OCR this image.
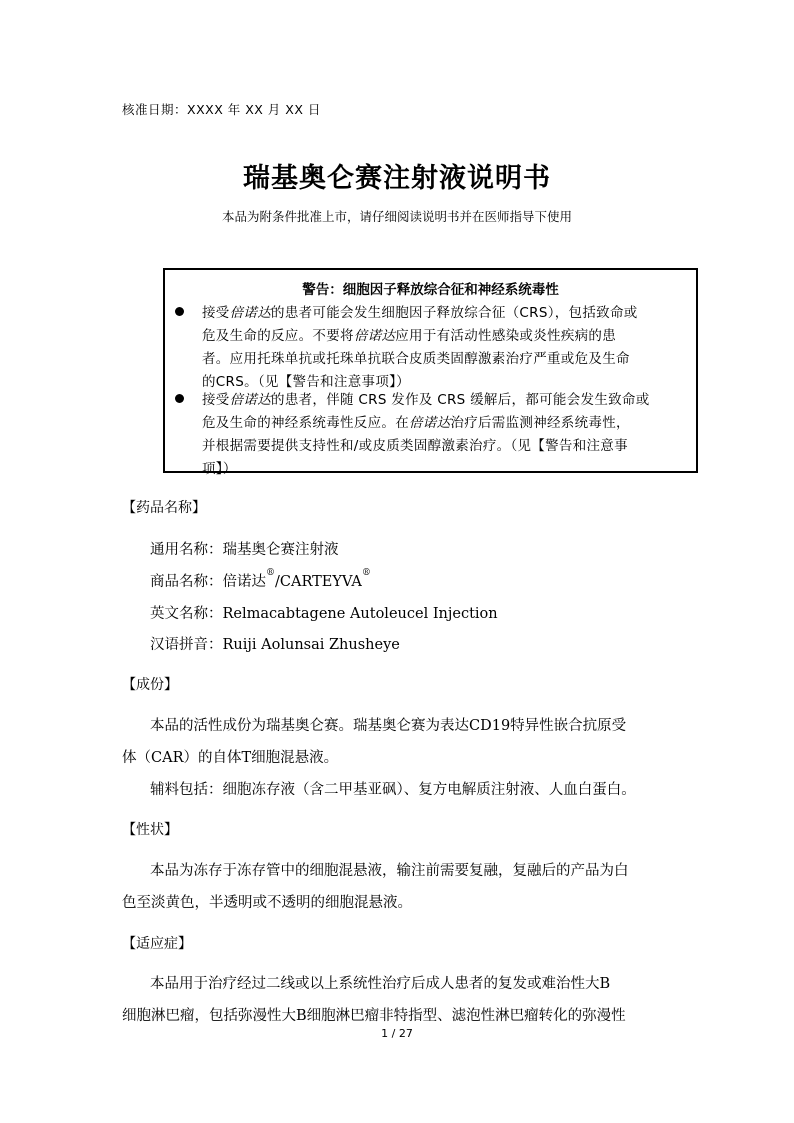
核准日期：XXXX 年 XX 月 XX 日
瑞基奥仑赛注射液说明书
本品为附条件批准上市，请仔细阅读说明书并在医师指导下使用
警告：细胞因子释放综合征和神经系统毒性
接受倍诺达的患者可能会发生细胞因子释放综合征（CRS），包括致命或
危及生命的反应。不要将倍诺达应用于有活动性感染或炎性疾病的患
者。应用托珠单抗或托珠单抗联合皮质类固醇激素治疗严重或危及生命
的CRS。（见【警告和注意事项】）
接受倍诺达的患者，伴随 CRS 发作及 CRS 缓解后，都可能会发生致命或
危及生命的神经系统毒性反应。在倍诺达治疗后需监测神经系统毒性，
并根据需要提供支持性和/或皮质类固醇激素治疗。（见【警告和注意事
项】）
【药品名称】
通用名称：瑞基奥仑赛注射液
商品名称：倍诺达®/CARTEYVA®
英文名称：Relmacabtagene Autoleucel Injection
汉语拼音：Ruiji Aolunsai Zhusheye
【成份】
本品的活性成份为瑞基奥仑赛。瑞基奥仑赛为表达CD19特异性嵌合抗原受
体（CAR）的自体T细胞混悬液。
辅料包括：细胞冻存液（含二甲基亚砜）、复方电解质注射液、人血白蛋白。
【性状】
本品为冻存于冻存管中的细胞混悬液，输注前需要复融，复融后的产品为白
色至淡黄色，半透明或不透明的细胞混悬液。
【适应症】
本品用于治疗经过二线或以上系统性治疗后成人患者的复发或难治性大B
细胞淋巴瘤，包括弥漫性大B细胞淋巴瘤非特指型、滤泡性淋巴瘤转化的弥漫性
1 / 27
